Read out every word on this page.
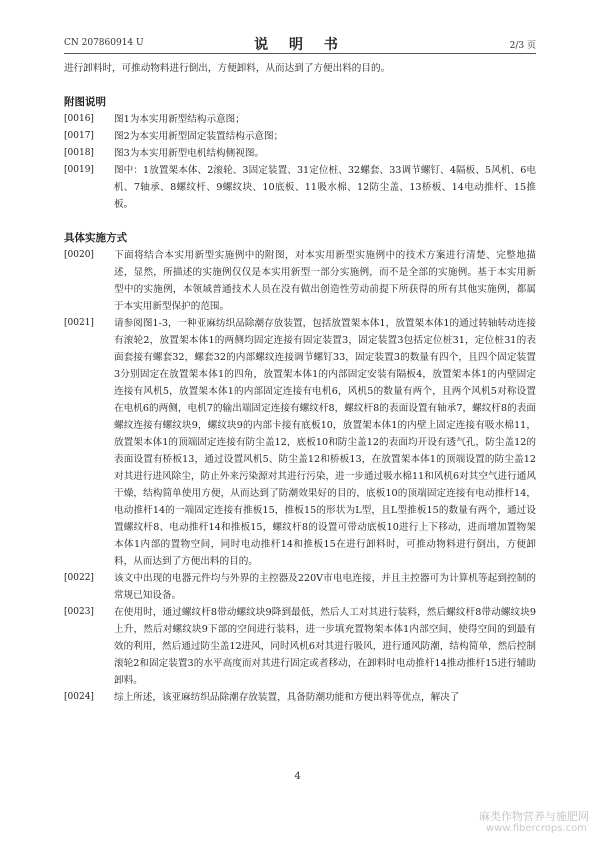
CN 207860914 U	说 明 书	2/3 页

进行卸料时，可推动物料进行倒出，方便卸料，从而达到了方便出料的目的。

附图说明

[0016] 图1为本实用新型结构示意图；

[0017] 图2为本实用新型固定装置结构示意图；

[0018] 图3为本实用新型电机结构侧视图。

[0019] 图中：1放置架本体、2滚轮、3固定装置、31定位桩、32螺套、33调节螺钉、4隔板、5风机、6电机、7轴承、8螺纹杆、9螺纹块、10底板、11吸水棉、12防尘盖、13桥板、14电动推杆、15推板。

具体实施方式

[0020] 下面将结合本实用新型实施例中的附图，对本实用新型实施例中的技术方案进行清楚、完整地描述，显然，所描述的实施例仅仅是本实用新型一部分实施例，而不是全部的实施例。基于本实用新型中的实施例，本领域普通技术人员在没有做出创造性劳动前提下所获得的所有其他实施例，都属于本实用新型保护的范围。

[0021] 请参阅图1-3，一种亚麻纺织品除潮存放装置，包括放置架本体1，放置架本体1的通过转轴转动连接有滚轮2，放置架本体1的两侧均固定连接有固定装置3，固定装置3包括定位桩31，定位桩31的表面套接有螺套32，螺套32的内部螺纹连接调节螺钉33，固定装置3的数量有四个，且四个固定装置3分别固定在放置架本体1的四角，放置架本体1的内部固定安装有隔板4，放置架本体1的内壁固定连接有风机5，放置架本体1的内部固定连接有电机6，风机5的数量有两个，且两个风机5对称设置在电机6的两侧，电机7的输出端固定连接有螺纹杆8，螺纹杆8的表面设置有轴承7，螺纹杆8的表面螺纹连接有螺纹块9，螺纹块9的内部卡接有底板10，放置架本体1的内壁上固定连接有吸水棉11，放置架本体1的顶端固定连接有防尘盖12，底板10和防尘盖12的表面均开设有透气孔，防尘盖12的表面设置有桥板13，通过设置风机5、防尘盖12和桥板13，在放置架本体1的顶端设置的防尘盖12对其进行进风除尘，防止外来污染源对其进行污染，进一步通过吸水棉11和风机6对其空气进行通风干燥，结构简单使用方便，从而达到了防潮效果好的目的，底板10的顶端固定连接有电动推杆14，电动推杆14的一端固定连接有推板15，推板15的形状为L型，且L型推板15的数量有两个，通过设置螺纹杆8、电动推杆14和推板15，螺纹杆8的设置可带动底板10进行上下移动，进而增加置物架本体1内部的置物空间，同时电动推杆14和推板15在进行卸料时，可推动物料进行倒出，方便卸料，从而达到了方便出料的目的。

[0022] 该文中出现的电器元件均与外界的主控器及220V市电电连接，并且主控器可为计算机等起到控制的常规已知设备。

[0023] 在使用时，通过螺纹杆8带动螺纹块9降到最低，然后人工对其进行装料，然后螺纹杆8带动螺纹块9上升，然后对螺纹块9下部的空间进行装料，进一步填充置物架本体1内部空间，使得空间的到最有效的利用，然后通过防尘盖12进风，同时风机6对其进行吸风，进行通风防潮，结构简单，然后控制滚轮2和固定装置3的水平高度而对其进行固定或者移动，在卸料时电动推杆14推动推杆15进行辅助卸料。

[0024] 综上所述，该亚麻纺织品除潮存放装置，具备防潮功能和方便出料等优点，解决了

4
麻类作物营养与施肥网
www.fibercrops.com
